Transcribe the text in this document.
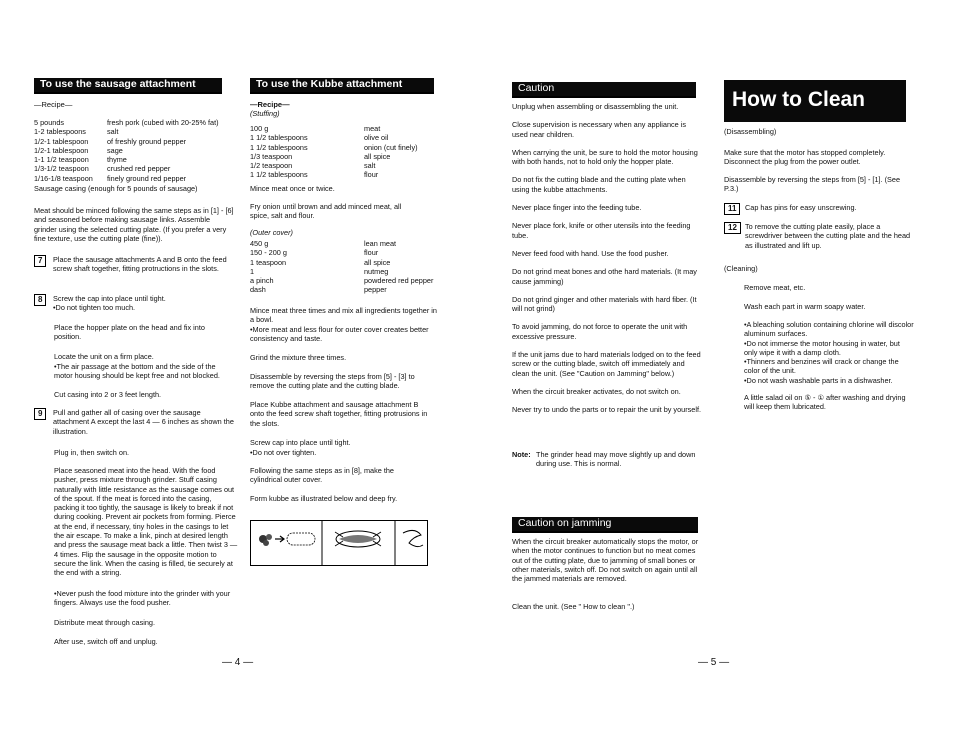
To use the sausage attachment

—Recipe—

5 pounds	fresh pork (cubed with 20-25% fat)
1-2 tablespoons	salt
1/2-1 tablespoon	of freshly ground pepper
1/2-1 tablespoon	sage
1-1 1/2 teaspoon thyme
1/3-1/2 teaspoon crushed red pepper
1/16-1/8 teaspoon finely ground red pepper

Sausage casing (enough for 5 pounds of sausage)

Meat should be minced following the same steps as in [1] - [6] and seasoned before making sausage links. Assemble grinder using the selected cutting plate. (If you prefer a very fine texture, use the cutting plate (fine)).

7	Place the sausage attachments A and B onto the feed screw shaft together, fitting protructions in the slots.

8	Screw the cap into place until tight.

•Do not tighten too much.

Place the hopper plate on the head and fix into position.

Locate the unit on a firm place.

•The air passage at the bottom and the side of the motor housing should be kept free and not blocked.

Cut casing into 2 or 3 feet length.

9	Pull and gather all of casing over the sausage attachment A except the last 4 — 6 inches as shown the illustration.

Plug in, then switch on.

Place seasoned meat into the head. With the food pusher, press mixture through grinder. Stuff casing naturally with little resistance as the sausage comes out of the spout. If the meat is forced into the casing, packing it too tightly, the sausage is likely to break if not during cooking. Prevent air pockets from forming. Pierce at the end, if necessary, tiny holes in the casings to let the air escape. To make a link, pinch at desired length and press the sausage meat back a little. Then twist 3 — 4 times. Flip the sausage in the opposite motion to secure the link. When the casing is filled, tie securely at the end with a string.

•Never push the food mixture into the grinder with your fingers. Always use the food pusher.

Distribute meat through casing.

After use, switch off and unplug.

— 4 —

To use the Kubbe attachment

—Recipe—

(Stuffing)

100 g	meat
1 1/2 tablespoons	olive oil
1 1/2 tablespoons	onion (cut finely)
1/3 teaspoon	all spice
1/2 teaspoon	salt
1 1/2 tablespoons	flour

Mince meat once or twice.

Fry onion until brown and add minced meat, all spice, salt and flour.

(Outer cover)

450 g	lean meat
150 - 200 g	flour
1 teaspoon	all spice
1	nutmeg
a pinch	powdered red pepper
dash	pepper

Mince meat three times and mix all ingredients together in a bowl.

•More meat and less flour for outer cover creates better consistency and taste.

Grind the mixture three times.

Disassemble by reversing the steps from [5] - [3] to remove the cutting plate and the cutting blade.

Place Kubbe attachment and sausage attachment B onto the feed screw shaft together, fitting protrusions in the slots.

Screw cap into place until tight.

•Do not over tighten.

Following the same steps as in [8], make the cylindrical outer cover.

Form kubbe as illustrated below and deep fry.

Caution

Unplug when assembling or disassembling the unit.

Close supervision is necessary when any appliance is used near children.

When carrying the unit, be sure to hold the motor housing with both hands, not to hold only the hopper plate.

Do not fix the cutting blade and the cutting plate when using the kubbe attachments.

Never place finger into the feeding tube.

Never place fork, knife or other utensils into the feeding tube.

Never feed food with hand. Use the food pusher.

Do not grind meat bones and othe hard materials. (It may cause jamming)

Do not grind ginger and other materials with hard fiber. (It will not grind)

To avoid jamming, do not force to operate the unit with excessive pressure.

If the unit jams due to hard materials lodged on to the feed screw or the cutting blade, switch off immediately and clean the unit. (See "Caution on Jamming" below.)

When the circuit breaker activates, do not switch on.

Never try to undo the parts or to repair the unit by yourself.

Note: The grinder head may move slightly up and down during use. This is normal.

Caution on jamming

When the circuit breaker automatically stops the motor, or when the motor continues to function but no meat comes out of the cutting plate, due to jamming of small bones or other materials, switch off. Do not switch on again until all the jammed materials are removed.

Clean the unit. (See " How to clean ".)

How to Clean

(Disassembling)

Make sure that the motor has stopped completely. Disconnect the plug from the power outlet.

Disassemble by reversing the steps from [5] - [1]. (See P.3.)

11	Cap has pins for easy unscrewing.

12	To remove the cutting plate easily, place a screwdriver between the cutting plate and the head as illustrated and lift up.

(Cleaning)

Remove meat, etc.

Wash each part in warm soapy water.

•A bleaching solution containing chlorine will discolor aluminum surfaces.

•Do not immerse the motor housing in water, but only wipe it with a damp cloth.

•Thinners and benzines will crack or change the color of the unit.

•Do not wash washable parts in a dishwasher.

A little salad oil on ⑤ - ① after washing and drying will keep them lubricated.

— 5 —
